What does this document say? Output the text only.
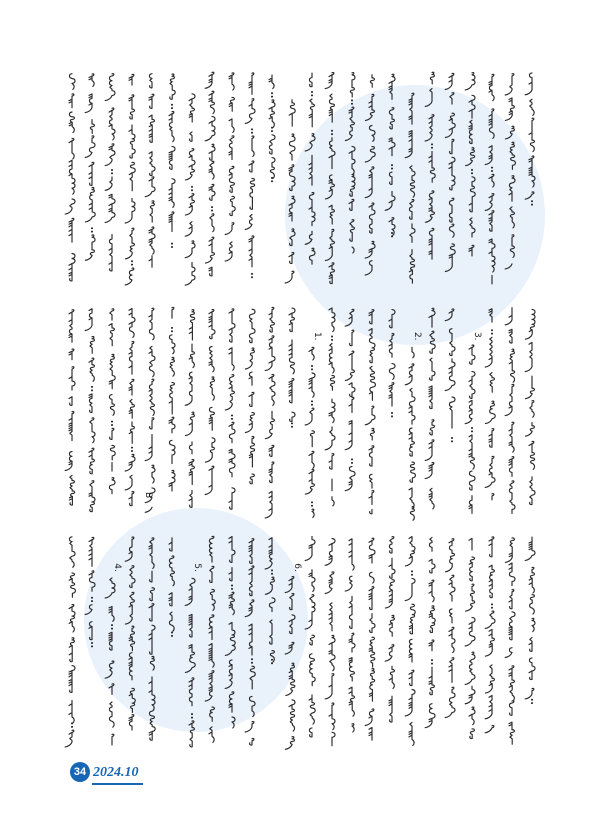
1.	2.	3.
4.	5.	6.
B
34 2024.10
